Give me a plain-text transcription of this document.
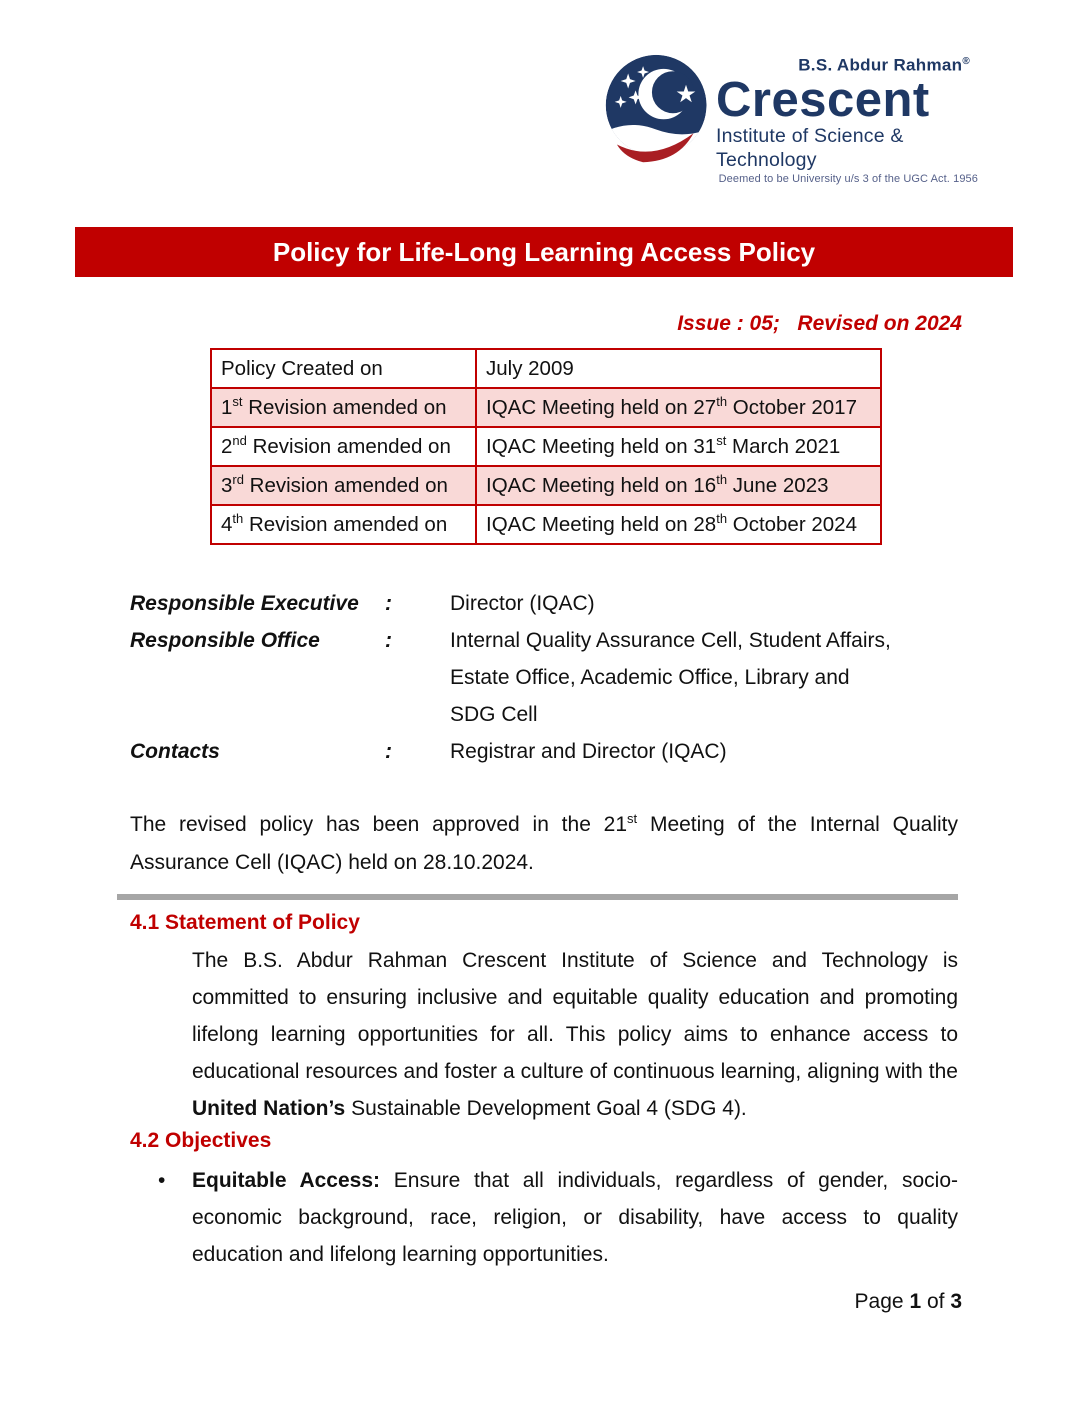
B.S. Abdur Rahman®
Crescent
Institute of Science & Technology
Deemed to be University u/s 3 of the UGC Act. 1956
Policy for Life-Long Learning Access Policy
Issue : 05;   Revised on 2024
Policy Created on	July 2009
1st Revision amended on	IQAC Meeting held on 27th October 2017
2nd Revision amended on	IQAC Meeting held on 31st March 2021
3rd Revision amended on	IQAC Meeting held on 16th June 2023
4th Revision amended on	IQAC Meeting held on 28th October 2024
Responsible Executive	:	Director (IQAC)
Responsible Office	:	Internal Quality Assurance Cell, Student Affairs,
Estate Office, Academic Office, Library and
SDG Cell
Contacts	:	Registrar and Director (IQAC)
The revised policy has been approved in the 21st Meeting of the Internal Quality Assurance Cell (IQAC) held on 28.10.2024.
4.1 Statement of Policy
The B.S. Abdur Rahman Crescent Institute of Science and Technology is committed to ensuring inclusive and equitable quality education and promoting lifelong learning opportunities for all. This policy aims to enhance access to educational resources and foster a culture of continuous learning, aligning with the United Nation’s Sustainable Development Goal 4 (SDG 4).
4.2 Objectives
•	Equitable Access: Ensure that all individuals, regardless of gender, socio-economic background, race, religion, or disability, have access to quality education and lifelong learning opportunities.
Page 1 of 3
